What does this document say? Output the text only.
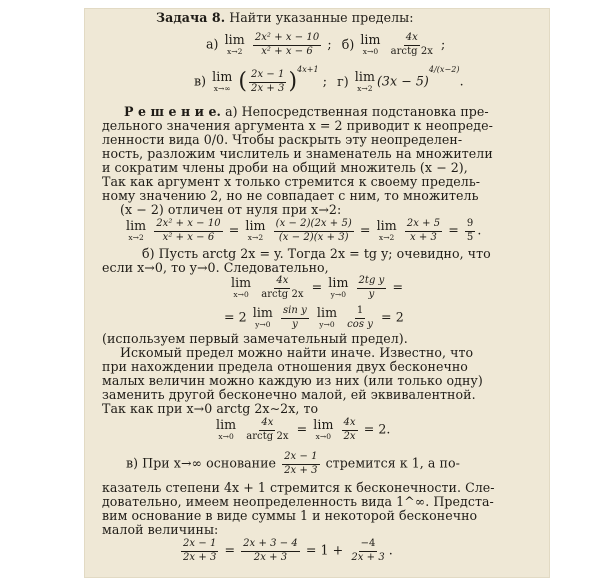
Задача 8. Найти указанные пределы:
а) lim
x→2
$\frac{\text{2x² + x − 10}}{\text{x² + x − 6}}$ ; б) lim
x→0
$\frac{4x}{\text{arctg 2x}}$ ;
в) lim
x→∞ ( $\frac{2x - 1}{2x + 3} )^{4x+1}$ ; г) lim
x→2
$(3x - 5)^{4/(x-2)}$.
Р е ш е н и е. а) Непосредственная подстановка пре-
дельного значения аргумента x = 2 приводит к неопреде-
ленности вида 0/0. Чтобы раскрыть эту неопределен-
ность, разложим числитель и знаменатель на множители
и сократим члены дроби на общий множитель (x − 2),
Так как аргумент x только стремится к своему предель-
ному значению 2, но не совпадает с ним, то множитель
(x − 2) отличен от нуля при x→2:
lim
x→2
$\frac{\text{2x² + x − 10}}{\text{x² + x − 6}} = \lim$
x→2
$\frac{(x - 2)(2x + 5)}{(x - 2)(x + 3)} = \lim$
x→2
$\frac{2x + 5}{x + 3} = \frac{9}{5}$ .
б) Пусть arctg 2x = y. Тогда 2x = tg y; очевидно, что
если x→0, то y→0. Следовательно,
lim
x→0
$\frac{4x}{\text{arctg 2x}} = \lim$
y→0
$\frac{\text{2tg y}}{y}$ =
= 2 lim
y→0
$\frac{\text{sin y}}{y}$
lim
y→0
$\frac{1}{\text{cos y}} = 2$
(используем первый замечательный предел).
Искомый предел можно найти иначе. Известно, что
при нахождении предела отношения двух бесконечно
малых величин можно каждую из них (или только одну)
заменить другой бесконечно малой, ей эквивалентной.
Так как при x→0 arctg 2x∼2x, то
lim
x→0
$\frac{4x}{\text{arctg 2x}} = \lim$
x→0
$\frac{4x}{2x} = 2$.
в) При x→∞ основание $\frac{2x - 1}{2x + 3}$ стремится к 1, а по-
казатель степени 4x + 1 стремится к бесконечности. Сле-
довательно, имеем неопределенность вида 1^∞. Предста-
вим основание в виде суммы 1 и некоторой бесконечно
малой величины:
$\frac{2x - 1}{2x + 3} = \frac{2x + 3 - 4}{2x + 3} = 1 + \frac{-4}{2x + 3}$ .
